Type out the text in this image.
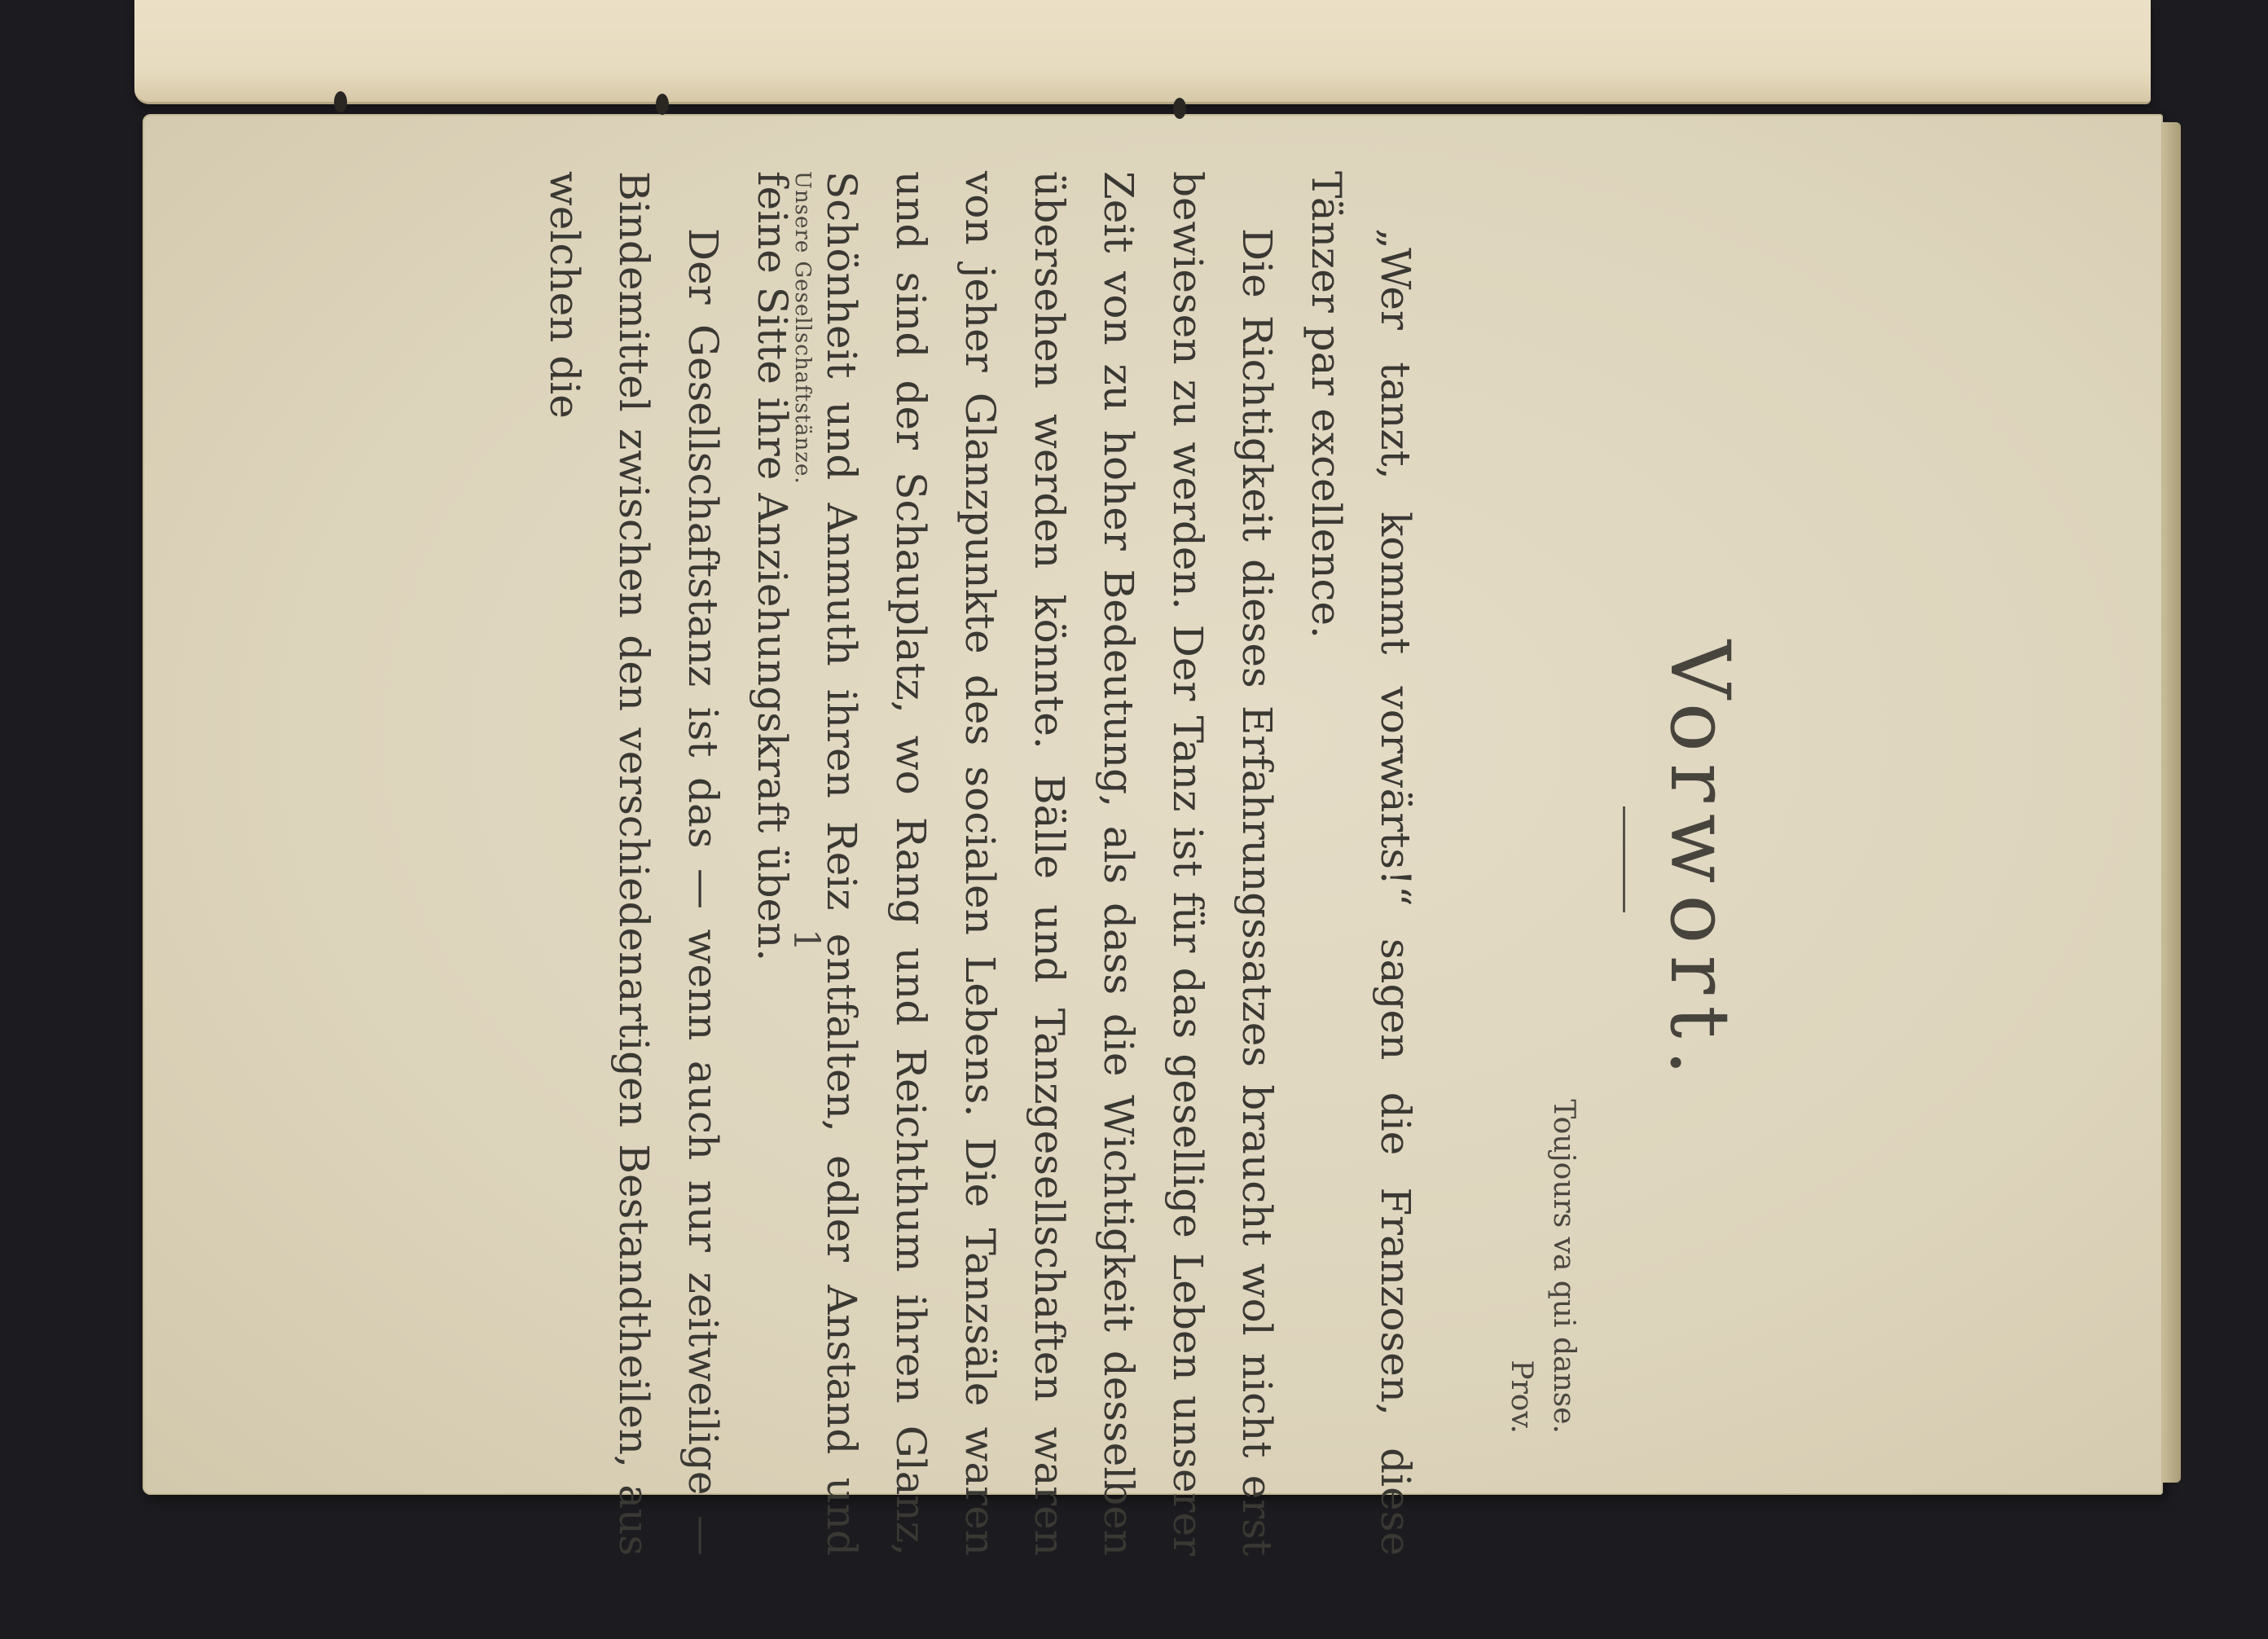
Vorwort.
Toujours va qui danse.
Prov.

„Wer tanzt, kommt vorwärts!“ sagen die Franzosen, diese Tänzer par excellence.

Die Richtigkeit dieses Erfahrungssatzes braucht wol nicht erst bewiesen zu werden. Der Tanz ist für das gesellige Leben unserer Zeit von zu hoher Bedeutung, als dass die Wichtigkeit desselben übersehen werden könnte. Bälle und Tanzgesellschaften waren von jeher Glanzpunkte des socialen Lebens. Die Tanzsäle waren und sind der Schauplatz, wo Rang und Reichthum ihren Glanz, Schönheit und Anmuth ihren Reiz entfalten, edler Anstand und feine Sitte ihre Anziehungskraft üben.

Der Gesellschaftstanz ist das — wenn auch nur zeitweilige — Bindemittel zwischen den verschiedenartigen Bestandtheilen, aus welchen die	Unsere Gesellschaftstänze.
1
